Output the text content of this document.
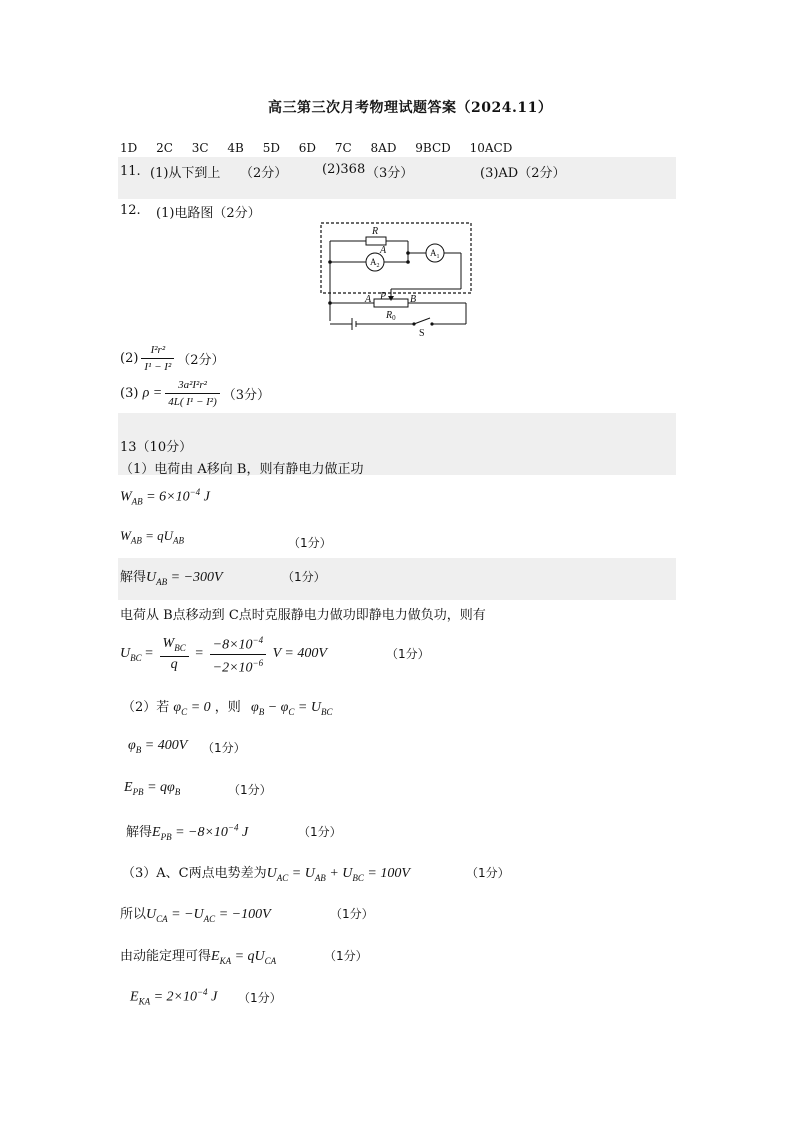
高三第三次月考物理试题答案（2024.11）
1D 2C 3C 4B 5D 6D 7C 8AD 9BCD 10ACD
11. (1)从下到上 （2分）	(2)368 （3分）	(3)AD（2分）
12. (1)电路图（2分）
R
A
$A_2$
$A_1$
A P B
$R_0$
S
$(2) \frac{\text{I²r²}}{\text{I¹ − I²}} (2$分）
(3) $\rho = \frac{\text{3a²I²r²}}{\text{4L( I¹ − I²)}} (3$分）
13（10分）
（1）电荷由 A移向 B，则有静电力做正功
$W_{AB} = 6\times 10^{-4}$ J
$W_{AB} = qU_{AB}$	（1分）
解得$U_{AB} = -300V$	（1分）
电荷从 B点移动到 C点时克服静电力做功即静电力做负功，则有
$U_{BC} = \frac{W_{BC}}{q} = \frac{-8\times 10^{-4}}{-2\times 10^{-6}}$ V = 400V	（1分）
（2）若 $\varphi_C = 0$ ，则 $\varphi_B - \varphi_C = U_{BC}$
$\varphi_B = 400V$ （1分）
$E_{PB} = q\varphi_B$	（1分）
解得$E_{PB} = -8\times 10^{-4}$ J	（1分）
（3）A、C两点电势差为$U_{AC} = U_{AB} + U_{BC} = 100V$	（1分）
所以$U_{CA} = -U_{AC} = -100V$	（1分）
由动能定理可得$E_{KA} = qU_{CA}$	（1分）
$E_{KA} = 2\times 10^{-4}$ J （1分）
